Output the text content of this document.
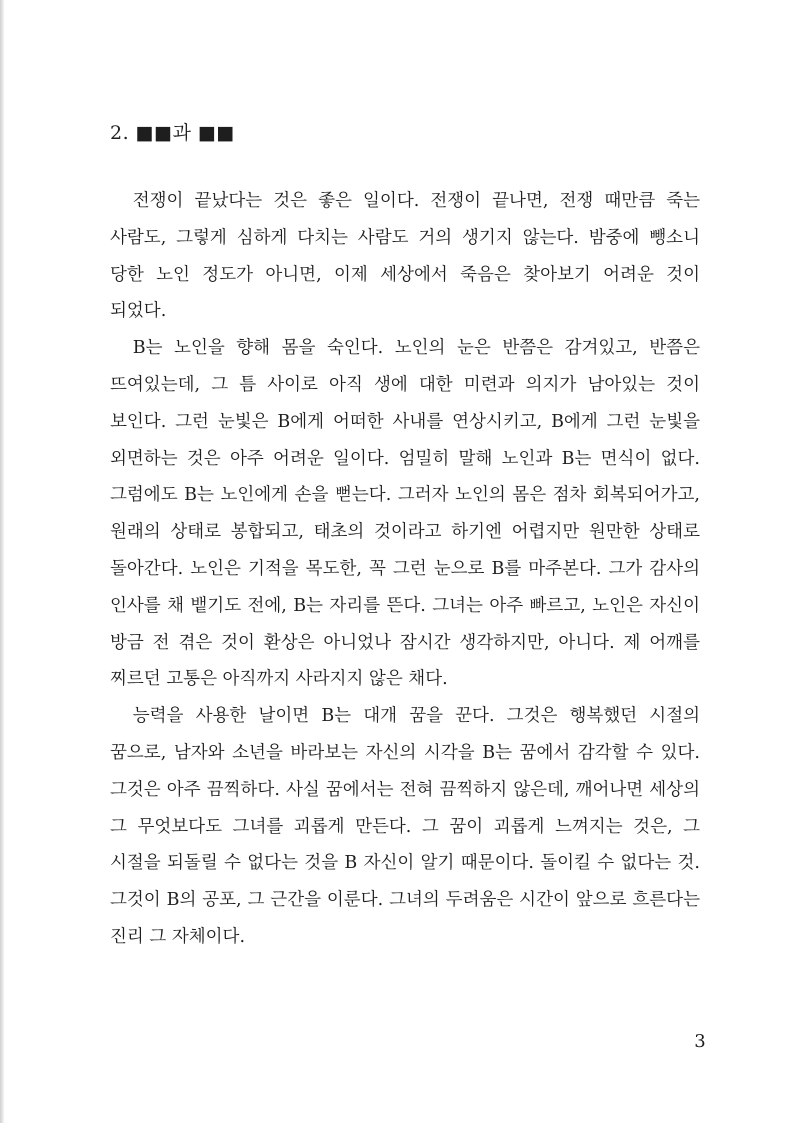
2. ■■과 ■■

전쟁이 끝났다는 것은 좋은 일이다. 전쟁이 끝나면, 전쟁 때만큼 죽는 사람도, 그렇게 심하게 다치는 사람도 거의 생기지 않는다. 밤중에 뺑소니 당한 노인 정도가 아니면, 이제 세상에서 죽음은 찾아보기 어려운 것이 되었다.

B는 노인을 향해 몸을 숙인다. 노인의 눈은 반쯤은 감겨있고, 반쯤은 뜨여있는데, 그 틈 사이로 아직 생에 대한 미련과 의지가 남아있는 것이 보인다. 그런 눈빛은 B에게 어떠한 사내를 연상시키고, B에게 그런 눈빛을 외면하는 것은 아주 어려운 일이다. 엄밀히 말해 노인과 B는 면식이 없다. 그럼에도 B는 노인에게 손을 뻗는다. 그러자 노인의 몸은 점차 회복되어가고, 원래의 상태로 봉합되고, 태초의 것이라고 하기엔 어렵지만 원만한 상태로 돌아간다. 노인은 기적을 목도한, 꼭 그런 눈으로 B를 마주본다. 그가 감사의 인사를 채 뱉기도 전에, B는 자리를 뜬다. 그녀는 아주 빠르고, 노인은 자신이 방금 전 겪은 것이 환상은 아니었나 잠시간 생각하지만, 아니다. 제 어깨를 찌르던 고통은 아직까지 사라지지 않은 채다.

능력을 사용한 날이면 B는 대개 꿈을 꾼다. 그것은 행복했던 시절의 꿈으로, 남자와 소년을 바라보는 자신의 시각을 B는 꿈에서 감각할 수 있다. 그것은 아주 끔찍하다. 사실 꿈에서는 전혀 끔찍하지 않은데, 깨어나면 세상의 그 무엇보다도 그녀를 괴롭게 만든다. 그 꿈이 괴롭게 느껴지는 것은, 그 시절을 되돌릴 수 없다는 것을 B 자신이 알기 때문이다. 돌이킬 수 없다는 것. 그것이 B의 공포, 그 근간을 이룬다. 그녀의 두려움은 시간이 앞으로 흐른다는 진리 그 자체이다.

3
